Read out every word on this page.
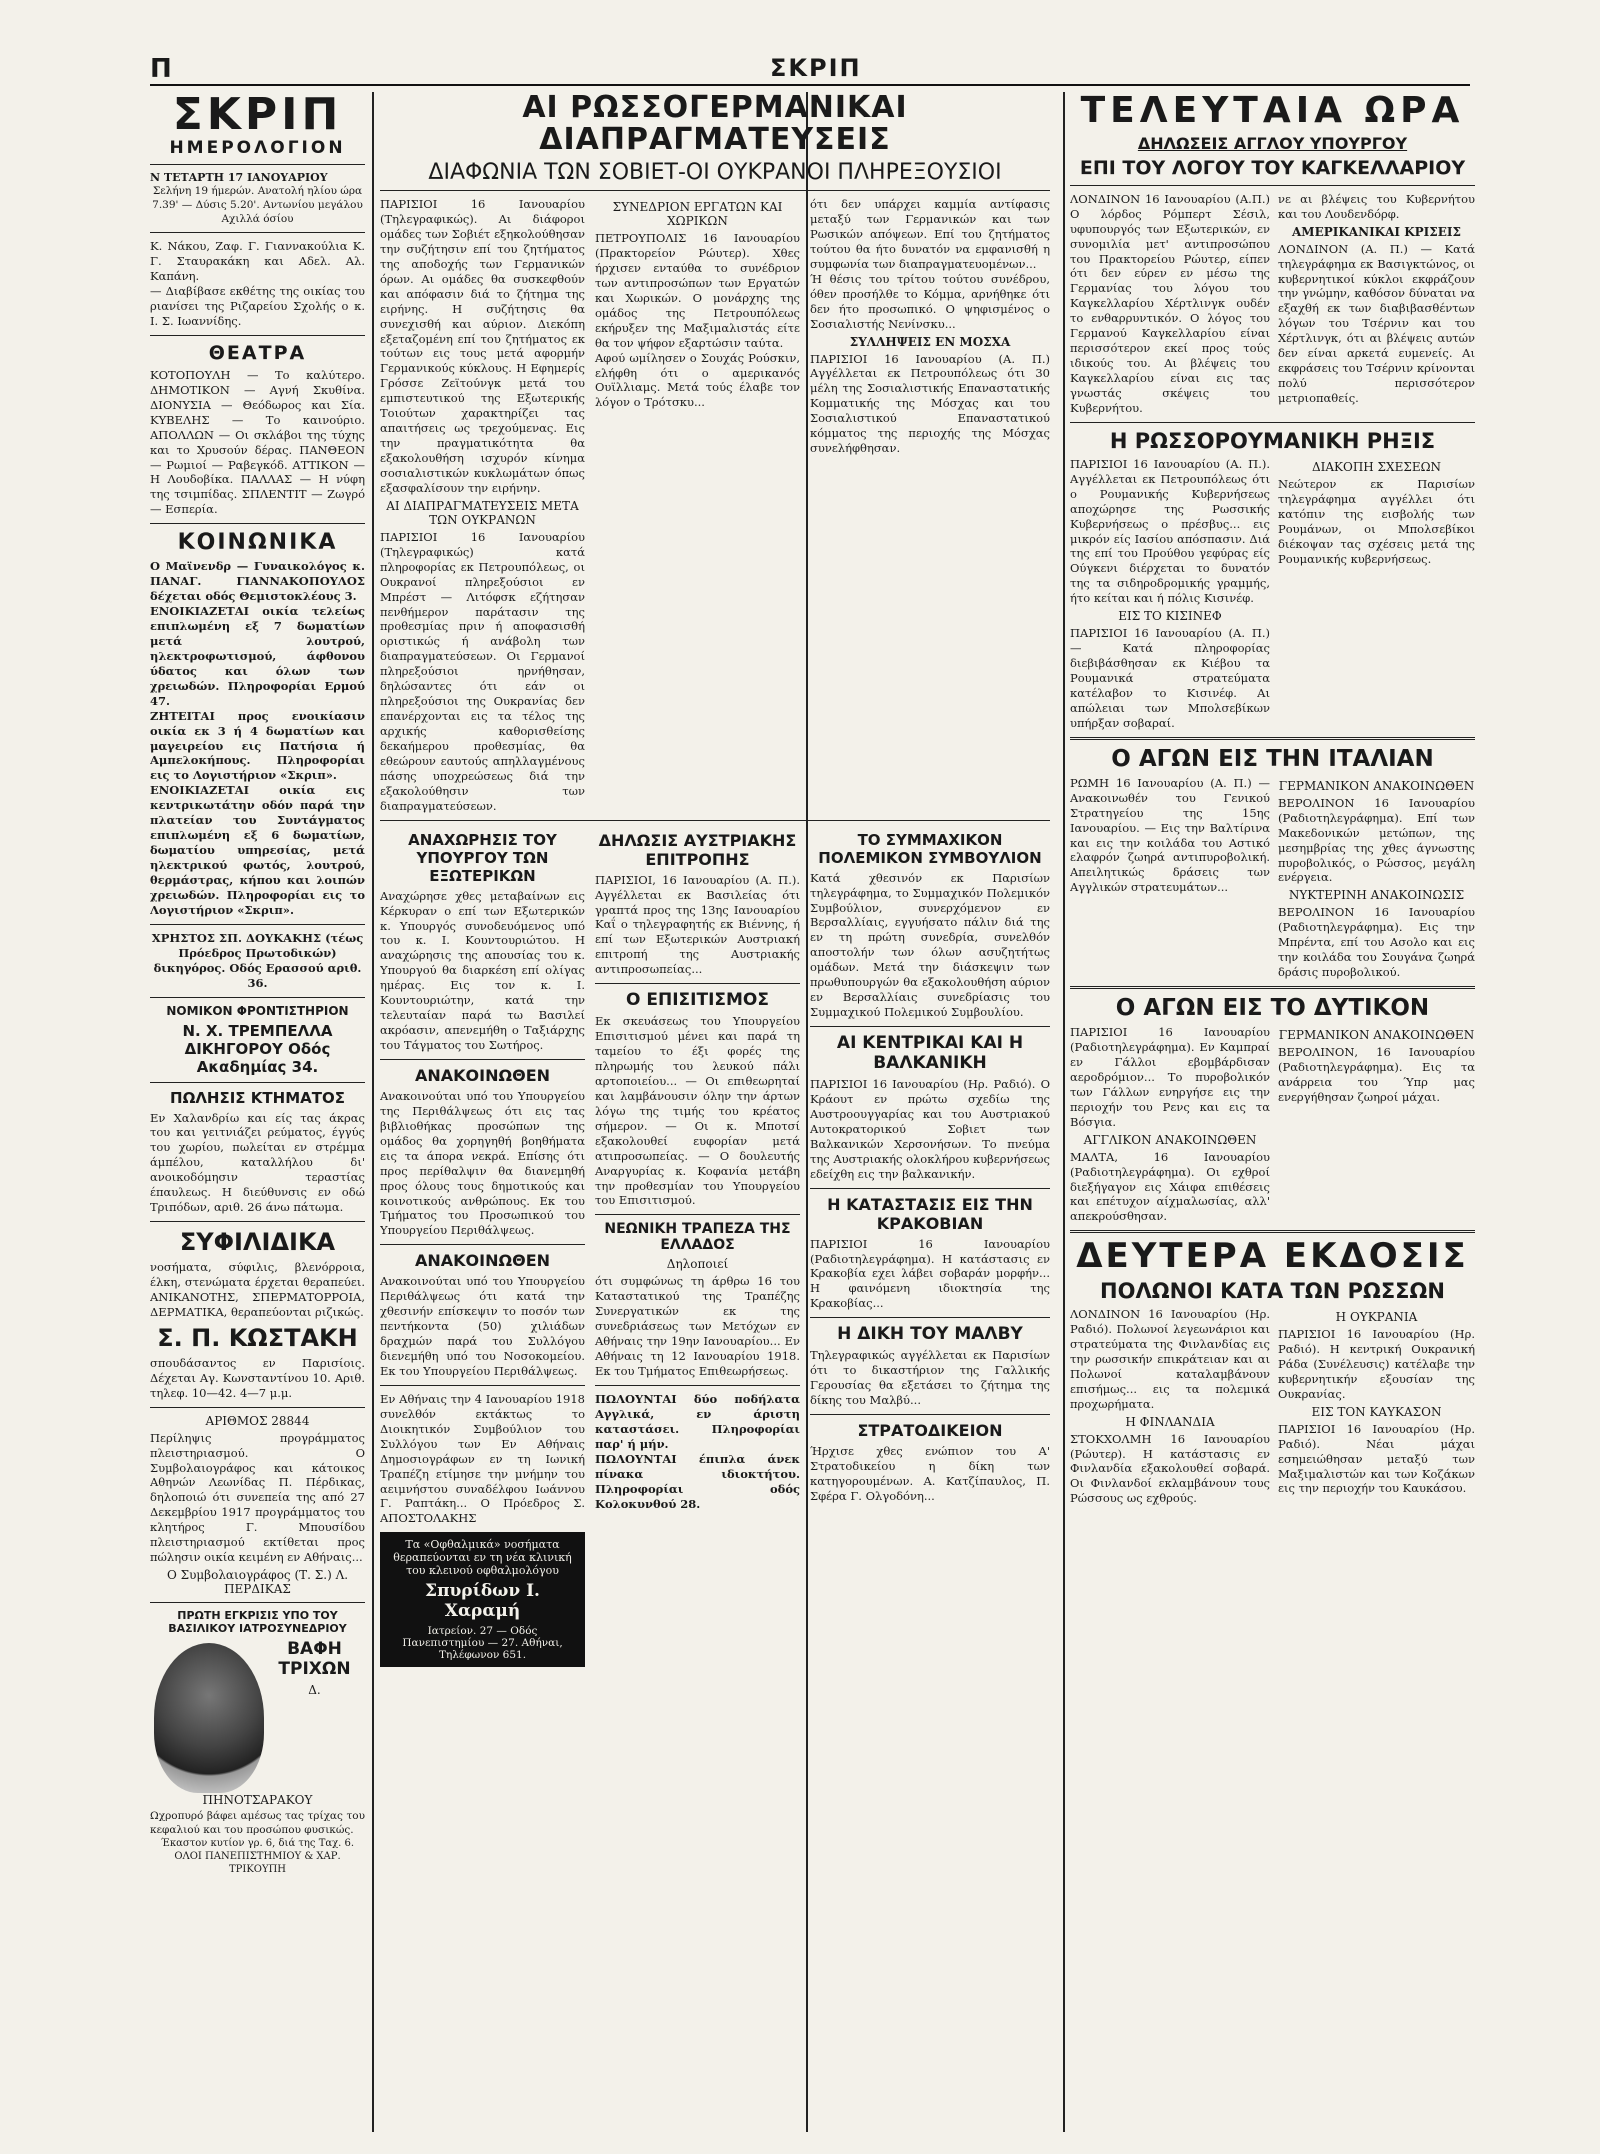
Π	ΣΚΡΙΠ
ΣΚΡΙΠ
ΗΜΕΡΟΛΟΓΙΟΝ
Ν ΤΕΤΑΡΤΗ 17 ΙΑΝΟΥΑΡΙΟΥ
Σελήνη 19 ήμερών. Ανατολή ηλίου ώρα 7.39' — Δύσις 5.20'. Αντωνίου μεγάλου Αχιλλά όσίου
Κ. Νάκου, Ζαφ. Γ. Γιαννακούλια Κ. Γ. Σταυρακάκη και Αδελ. Αλ. Καπάνη.
— Διαβίβασε εκθέτης της οικίας του ριανίσει της Ριζαρείου Σχολής ο κ. Ι. Σ. Ιωαννίδης.
ΘΕΑΤΡΑ
ΚΟΤΟΠΟΥΛΗ — Το καλύτερο. ΔΗΜΟΤΙΚΟΝ — Αγνή Σκυθίνα. ΔΙΟΝΥΣΙΑ — Θεόδωρος και Σία. ΚΥΒΕΛΗΣ — Το καινούριο. ΑΠΟΛΛΩΝ — Οι σκλάβοι της τύχης και το Χρυσούν δέρας. ΠΑΝΘΕΟΝ — Ρωμιοί — Ραβεγκόδ. ΑΤΤΙΚΟΝ — Η Λουδοβίκα. ΠΑΛΛΑΣ — Η νύφη της τσιμπίδας. ΣΠΛΕΝΤΙΤ — Ζωγρό — Εσπερία.
ΚΟΙΝΩΝΙΚΑ
Ο Μαϊνενδρ — Γυναικολόγος κ. ΠΑΝΑΓ. ΓΙΑΝΝΑΚΟΠΟΥΛΟΣ δέχεται οδός Θεμιστοκλέους 3.
ΕΝΟΙΚΙΑΖΕΤΑΙ οικία τελείως επιπλωμένη εξ 7 δωματίων μετά λουτρού, ηλεκτροφωτισμού, άφθονου ύδατος και όλων των χρειωδών. Πληροφορίαι Ερμού 47.
ΖΗΤΕΙΤΑΙ προς ενοικίασιν οικία εκ 3 ή 4 δωματίων και μαγειρείου εις Πατήσια ή Αμπελοκήπους. Πληροφορίαι εις το Λογιστήριον «Σκριπ».
ΕΝΟΙΚΙΑΖΕΤΑΙ οικία εις κεντρικωτάτην οδόν παρά την πλατείαν του Συντάγματος επιπλωμένη εξ 6 δωματίων, δωματίου υπηρεσίας, μετά ηλεκτρικού φωτός, λουτρού, θερμάστρας, κήπου και λοιπών χρειωδών. Πληροφορίαι εις το Λογιστήριον «Σκριπ».
ΧΡΗΣΤΟΣ ΣΠ. ΔΟΥΚΑΚΗΣ (τέως Πρόεδρος Πρωτοδικών) δικηγόρος. Οδός Ερασσού αριθ. 36.
ΝΟΜΙΚΟΝ ΦΡΟΝΤΙΣΤΗΡΙΟΝ
Ν. Χ. ΤΡΕΜΠΕΛΛΑ ΔΙΚΗΓΟΡΟΥ Οδός Ακαδημίας 34.
ΠΩΛΗΣΙΣ ΚΤΗΜΑΤΟΣ
Εν Χαλανδρίω και είς τας άκρας του και γειτνιάζει ρεύματος, έγγύς του χωρίου, πωλείται εν στρέμμα άμπέλου, καταλλήλου δι' ανοικοδόμησιν τεραστίας έπαυλεως. Η διεύθυνσις εν οδώ Τριπόδων, αριθ. 26 άνω πάτωμα.
ΣΥΦΙΛΙΔΙΚΑ
νοσήματα, σύφιλις, βλενόρροια, έλκη, στενώματα έρχεται θεραπεύει. ΑΝΙΚΑΝΟΤΗΣ, ΣΠΕΡΜΑΤΟΡΡΟΙΑ, ΔΕΡΜΑΤΙΚΑ, θεραπεύονται ριζικώς.
Σ. Π. ΚΩΣΤΑΚΗ
σπουδάσαντος εν Παρισίοις. Δέχεται Αγ. Κωνσταντίνου 10. Αριθ. τηλεφ. 10—42. 4—7 μ.μ.
ΑΡΙΘΜΟΣ 28844
Περίληψις προγράμματος πλειστηριασμού. Ο Συμβολαιογράφος και κάτοικος Αθηνών Λεωνίδας Π. Πέρδικας, δηλοποιώ ότι συνεπεία της από 27 Δεκεμβρίου 1917 προγράμματος του κλητήρος Γ. Μπουσίδου πλειστηριασμού εκτίθεται προς πώλησιν οικία κειμένη εν Αθήναις...
Ο Συμβολαιογράφος (Τ. Σ.) Λ. ΠΕΡΔΙΚΑΣ
ΠΡΩΤΗ ΕΓΚΡΙΣΙΣ ΥΠΟ ΤΟΥ ΒΑΣΙΛΙΚΟΥ ΙΑΤΡΟΣΥΝΕΔΡΙΟΥ
ΒΑΦΗ ΤΡΙΧΩΝ
Δ. ΠΗΝΟΤΣΑΡΑΚΟΥ
Ωχροπυρό βάφει αμέσως τας τρίχας του κεφαλιού και του προσώπου φυσικώς.
Έκαστον κυτίον γρ. 6, διά της Ταχ. 6. ΟΛΟΙ ΠΑΝΕΠΙΣΤΗΜΙΟΥ & ΧΑΡ. ΤΡΙΚΟΥΠΗ
ΑΙ ΡΩΣΣΟΓΕΡΜΑΝΙΚΑΙ ΔΙΑΠΡΑΓΜΑΤΕΥΣΕΙΣ
ΔΙΑΦΩΝΙΑ ΤΩΝ ΣΟΒΙΕΤ-ΟΙ ΟΥΚΡΑΝΟΙ ΠΛΗΡΕΞΟΥΣΙΟΙ
ΠΑΡΙΣΙΟΙ 16 Ιανουαρίου (Τηλεγραφικώς). Αι διάφοροι ομάδες των Σοβιέτ εξηκολούθησαν την συζήτησιν επί του ζητήματος της αποδοχής των Γερμανικών όρων. Αι ομάδες θα συσκεφθούν και απόφασιν διά το ζήτημα της ειρήνης. Η συζήτησις θα συνεχισθή και αύριον. Διεκόπη εξεταζομένη επί του ζητήματος εκ τούτων εις τους μετά αφορμήν Γερμανικούς κύκλους. Η Εφημερίς Γρόσσε Ζεϊτούνγκ μετά του εμπιστευτικού της Εξωτερικής Τοιούτων χαρακτηρίζει τας απαιτήσεις ως τρεχούμενας. Εις την πραγματικότητα θα εξακολουθήση ισχυρόν κίνημα σοσιαλιστικών κυκλωμάτων όπως εξασφαλίσουν την ειρήνην.
ΑΙ ΔΙΑΠΡΑΓΜΑΤΕΥΣΕΙΣ ΜΕΤΑ ΤΩΝ ΟΥΚΡΑΝΩΝ
ΠΑΡΙΣΙΟΙ 16 Ιανουαρίου (Τηλεγραφικώς) κατά πληροφορίας εκ Πετρουπόλεως, οι Ουκρανοί πληρεξούσιοι εν Μπρέστ — Λιτόφσκ εζήτησαν πενθήμερον παράτασιν της προθεσμίας πριν ή αποφασισθή οριστικώς ή ανάβολη των διαπραγματεύσεων. Οι Γερμανοί πληρεξούσιοι ηρνήθησαν, δηλώσαντες ότι εάν οι πληρεξούσιοι της Ουκρανίας δεν επανέρχονται εις τα τέλος της αρχικής καθορισθείσης δεκαήμερου προθεσμίας, θα εθεώρουν εαυτούς απηλλαγμένους πάσης υποχρεώσεως διά την εξακολούθησιν των διαπραγματεύσεων.
ΣΥΝΕΔΡΙΟΝ ΕΡΓΑΤΩΝ ΚΑΙ ΧΩΡΙΚΩΝ
ΠΕΤΡΟΥΠΟΛΙΣ 16 Ιανουαρίου (Πρακτορείον Ρώυτερ). Χθες ήρχισεν ενταύθα το συνέδριον των αντιπροσώπων των Εργατών και Χωρικών. Ο μονάρχης της ομάδος της Πετρουπόλεως εκήρυξεν της Μαξιμαλιστάς είτε θα τον ψήφον εξαρτώσιν ταύτα.
Αφού ωμίλησεν ο Σουχάς Ρούσκιν, ελήφθη ότι ο αμερικανός Ουϊλλιαμς. Μετά τούς έλαβε τον λόγον ο Τρότσκυ...
ότι δεν υπάρχει καμμία αντίφασις μεταξύ των Γερμανικών και των Ρωσικών απόψεων. Επί του ζητήματος τούτου θα ήτο δυνατόν να εμφανισθή η συμφωνία των διαπραγματευομένων...
Ή θέσις του τρίτου τούτου συνέδρου, όθεν προσήλθε το Κόμμα, αρνήθηκε ότι δεν ήτο προσωπικό. Ο ψηφισμένος ο Σοσιαλιστής Νενίνσκυ...
ΣΥΛΛΗΨΕΙΣ ΕΝ ΜΟΣΧΑ
ΠΑΡΙΣΙΟΙ 16 Ιανουαρίου (Α. Π.) Αγγέλλεται εκ Πετρουπόλεως ότι 30 μέλη της Σοσιαλιστικής Επαναστατικής Κομματικής της Μόσχας και του Σοσιαλιστικού Επαναστατικού κόμματος της περιοχής της Μόσχας συνελήφθησαν.
ΑΝΑΧΩΡΗΣΙΣ ΤΟΥ ΥΠΟΥΡΓΟΥ ΤΩΝ ΕΞΩΤΕΡΙΚΩΝ
Αναχώρησε χθες μεταβαίνων εις Κέρκυραν ο επί των Εξωτερικών κ. Υπουργός συνοδευόμενος υπό του κ. Ι. Κουντουριώτου. Η αναχώρησις της απουσίας του κ. Υπουργού θα διαρκέση επί ολίγας ημέρας. Εις τον κ. Ι. Κουντουριώτην, κατά την τελευταίαν παρά τω Βασιλεί ακρόασιν, απενεμήθη ο Ταξιάρχης του Τάγματος του Σωτήρος.
ΑΝΑΚΟΙΝΩΘΕΝ
Ανακοινούται υπό του Υπουργείου της Περιθάλψεως ότι εις τας βιβλιοθήκας προσώπων της ομάδος θα χορηγηθή βοηθήματα εις τα άπορα νεκρά. Επίσης ότι προς περίθαλψιν θα διανεμηθή προς όλους τους δημοτικούς και κοινοτικούς ανθρώπους. Εκ του Τμήματος του Προσωπικού του Υπουργείου Περιθάλψεως.
ΑΝΑΚΟΙΝΩΘΕΝ
Ανακοινούται υπό του Υπουργείου Περιθάλψεως ότι κατά την χθεσινήν επίσκεψιν το ποσόν των πεντήκοντα (50) χιλιάδων δραχμών παρά του Συλλόγου διενεμήθη υπό του Νοσοκομείου. Εκ του Υπουργείου Περιθάλψεως.
Εν Αθήναις την 4 Ιανουαρίου 1918 συνελθόν εκτάκτως το Διοικητικόν Συμβούλιον του Συλλόγου των Εν Αθήναις Δημοσιογράφων εν τη Ιωνική Τραπέζη ετίμησε την μνήμην του αειμνήστου συναδέλφου Ιωάννου Γ. Ραπτάκη... Ο Πρόεδρος Σ. ΑΠΟΣΤΟΛΑΚΗΣ
Τα «Οφθαλμικά» νοσήματα θεραπεύονται εν τη νέα κλινική του κλεινού οφθαλμολόγου
Σπυρίδων Ι. Χαραμή
Ιατρείον. 27 — Οδός Πανεπιστημίου — 27. Αθήναι, Τηλέφωνον 651.
ΔΗΛΩΣΙΣ ΑΥΣΤΡΙΑΚΗΣ ΕΠΙΤΡΟΠΗΣ
ΠΑΡΙΣΙΟΙ, 16 Ιανουαρίου (Α. Π.). Αγγέλλεται εκ Βασιλείας ότι γραπτά προς της 13ης Ιανουαρίου Καΐ ο τηλεγραφητής εκ Βιέννης, ή επί των Εξωτερικών Αυστριακή επιτροπή της Αυστριακής αντιπροσωπείας...
Ο ΕΠΙΣΙΤΙΣΜΟΣ
Εκ σκευάσεως του Υπουργείου Επισιτισμού μένει και παρά τη ταμείου το έξι φορές της πληρωμής του λευκού πάλι αρτοποιείου... — Οι επιθεωρηταί και λαμβάνουσιν όλην την άρτων λόγω της τιμής του κρέατος σήμερον. — Οι κ. Μποτσί εξακολουθεί ευφορίαν μετά ατιπροσωπείας. — Ο δουλευτής Αναργυρίας κ. Κοφανία μετάβη την προθεσμίαν του Υπουργείου του Επισιτισμού.
ΝΕΩΝΙΚΗ ΤΡΑΠΕΖΑ ΤΗΣ ΕΛΛΑΔΟΣ
Δηλοποιεί
ότι συμφώνως τη άρθρω 16 του Καταστατικού της Τραπέζης Συνεργατικών εκ της συνεδριάσεως των Μετόχων εν Αθήναις την 19ην Ιανουαρίου... Εν Αθήναις τη 12 Ιανουαρίου 1918. Εκ του Τμήματος Επιθεωρήσεως.
ΠΩΛΟΥΝΤΑΙ δύο ποδήλατα Αγγλικά, εν άριστη καταστάσει. Πληροφορίαι παρ' ή μήν.
ΠΩΛΟΥΝΤΑΙ έπιπλα άνεκ πίνακα ιδιοκτήτου. Πληροφορίαι οδός Κολοκυνθού 28.
ΤΟ ΣΥΜΜΑΧΙΚΟΝ ΠΟΛΕΜΙΚΟΝ ΣΥΜΒΟΥΛΙΟΝ
Κατά χθεσινόν εκ Παρισίων τηλεγράφημα, το Συμμαχικόν Πολεμικόν Συμβούλιον, συνερχόμενον εν Βερσαλλίαις, εγγυήσατο πάλιν διά της εν τη πρώτη συνεδρία, συνελθόν αποστολήν των όλων ασυζητήτως ομάδων. Μετά την διάσκεψιν των πρωθυπουργών θα εξακολουθήση αύριον εν Βερσαλλίαις συνεδρίασις του Συμμαχικού Πολεμικού Συμβουλίου.
ΑΙ ΚΕΝΤΡΙΚΑΙ ΚΑΙ Η ΒΑΛΚΑΝΙΚΗ
ΠΑΡΙΣΙΟΙ 16 Ιανουαρίου (Ηρ. Ραδιό). Ο Κράουτ εν πρώτω σχεδίω της Αυστροουγγαρίας και του Αυστριακού Αυτοκρατορικού Σοβιετ των Βαλκανικών Χερσονήσων. Το πνεύμα της Αυστριακής ολοκλήρου κυβερνήσεως εδείχθη εις την βαλκανικήν.
Η ΚΑΤΑΣΤΑΣΙΣ ΕΙΣ ΤΗΝ ΚΡΑΚΟΒΙΑΝ
ΠΑΡΙΣΙΟΙ 16 Ιανουαρίου (Ραδιοτηλεγράφημα). Η κατάστασις εν Κρακοβία εχει λάβει σοβαράν μορφήν... Η φαινόμενη ιδιοκτησία της Κρακοβίας...
Η ΔΙΚΗ ΤΟΥ ΜΑΛΒΥ
Τηλεγραφικώς αγγέλλεται εκ Παρισίων ότι το δικαστήριον της Γαλλικής Γερουσίας θα εξετάσει το ζήτημα της δίκης του Μαλβύ...
ΣΤΡΑΤΟΔΙΚΕΙΟΝ
Ήρχισε χθες ενώπιον του Α' Στρατοδικείου η δίκη των κατηγορουμένων. Α. Κατζίπαυλος, Π. Σφέρα Γ. Ολγοδόνη...
ΤΕΛΕΥΤΑΙΑ ΩΡΑ
ΔΗΛΩΣΕΙΣ ΑΓΓΛΟΥ ΥΠΟΥΡΓΟΥ
ΕΠΙ ΤΟΥ ΛΟΓΟΥ ΤΟΥ ΚΑΓΚΕΛΛΑΡΙΟΥ
ΛΟΝΔΙΝΟΝ 16 Ιανουαρίου (Α.Π.) Ο λόρδος Ρόμπερτ Σέσιλ, υφυπουργός των Εξωτερικών, εν συνομιλία μετ' αντιπροσώπου του Πρακτορείου Ρώυτερ, είπεν ότι δεν εύρεν εν μέσω της Γερμανίας του λόγου του Καγκελλαρίου Χέρτλινγκ ουδέν το ενθαρρυντικόν. Ο λόγος του Γερμανού Καγκελλαρίου είναι περισσότερον εκεί προς τούς ιδικούς του. Αι βλέψεις του Καγκελλαρίου είναι εις τας γνωστάς σκέψεις του Κυβερνήτου.
νε αι βλέψεις του Κυβερνήτου και του Λουδενδόρφ.
ΑΜΕΡΙΚΑΝΙΚΑΙ ΚΡΙΣΕΙΣ
ΛΟΝΔΙΝΟΝ (Α. Π.) — Κατά τηλεγράφημα εκ Βασιγκτώνος, οι κυβερνητικοί κύκλοι εκφράζουν την γνώμην, καθόσον δύναται να εξαχθή εκ των διαβιβασθέντων λόγων του Τσέρνιν και του Χέρτλινγκ, ότι αι βλέψεις αυτών δεν είναι αρκετά ευμενείς. Αι εκφράσεις του Τσέρνιν κρίνονται πολύ περισσότερον μετριοπαθείς.
Η ΡΩΣΣΟΡΟΥΜΑΝΙΚΗ ΡΗΞΙΣ
ΠΑΡΙΣΙΟΙ 16 Ιανουαρίου (Α. Π.). Αγγέλλεται εκ Πετρουπόλεως ότι ο Ρουμανικής Κυβερνήσεως αποχώρησε της Ρωσσικής Κυβερνήσεως ο πρέσβυς... εις μικρόν είς Ιασίου απόσπασιν. Διά της επί του Προύθου γεφύρας είς Ούγκενι διέρχεται το δυνατόν της τα σιδηροδρομικής γραμμής, ήτο κείται και ή πόλις Κισινέφ.
ΕΙΣ ΤΟ ΚΙΣΙΝΕΦ
ΠΑΡΙΣΙΟΙ 16 Ιανουαρίου (Α. Π.) — Κατά πληροφορίας διεβιβάσθησαν εκ Κιέβου τα Ρουμανικά στρατεύματα κατέλαβον το Κισινέφ. Αι απώλειαι των Μπολσεβίκων υπήρξαν σοβαραί.
ΔΙΑΚΟΠΗ ΣΧΕΣΕΩΝ
Νεώτερον εκ Παρισίων τηλεγράφημα αγγέλλει ότι κατόπιν της εισβολής των Ρουμάνων, οι Μπολσεβίκοι διέκοψαν τας σχέσεις μετά της Ρουμανικής κυβερνήσεως.
Ο ΑΓΩΝ ΕΙΣ ΤΗΝ ΙΤΑΛΙΑΝ
ΡΩΜΗ 16 Ιανουαρίου (Α. Π.) — Ανακοινωθέν του Γενικού Στρατηγείου της 15ης Ιανουαρίου. — Εις την Βαλτίρινα και εις την κοιλάδα του Αστικό ελαφρόν ζωηρά αντιπυροβολική. Απειλητικώς δράσεις των Αγγλικών στρατευμάτων...
ΓΕΡΜΑΝΙΚΟΝ ΑΝΑΚΟΙΝΩΘΕΝ
ΒΕΡΟΛΙΝΟΝ 16 Ιανουαρίου (Ραδιοτηλεγράφημα). Επί των Μακεδονικών μετώπων, της μεσημβρίας της χθες άγνωστης πυροβολικός, ο Ρώσσος, μεγάλη ενέργεια.
ΝΥΚΤΕΡΙΝΗ ΑΝΑΚΟΙΝΩΣΙΣ
ΒΕΡΟΛΙΝΟΝ 16 Ιανουαρίου (Ραδιοτηλεγράφημα). Εις την Μπρέντα, επί του Ασολο και εις την κοιλάδα του Σουγάνα ζωηρά δράσις πυροβολικού.
Ο ΑΓΩΝ ΕΙΣ ΤΟ ΔΥΤΙΚΟΝ
ΠΑΡΙΣΙΟΙ 16 Ιανουαρίου (Ραδιοτηλεγράφημα). Εν Καμπραί εν Γάλλοι εβομβάρδισαν αεροδρόμιον... Το πυροβολικόν των Γάλλων ενηργήσε εις την περιοχήν του Ρενς και εις τα Βόσγια.
ΑΓΓΛΙΚΟΝ ΑΝΑΚΟΙΝΩΘΕΝ
ΜΑΛΤΑ, 16 Ιανουαρίου (Ραδιοτηλεγράφημα). Οι εχθροί διεξήγαγον εις Χάιφα επιθέσεις και επέτυχον αίχμαλωσίας, αλλ' απεκρούσθησαν.
ΓΕΡΜΑΝΙΚΟΝ ΑΝΑΚΟΙΝΩΘΕΝ
ΒΕΡΟΛΙΝΟΝ, 16 Ιανουαρίου (Ραδιοτηλεγράφημα). Εις τα ανάρρεια του Ύπρ μας ενεργήθησαν ζωηροί μάχαι.
ΔΕΥΤΕΡΑ ΕΚΔΟΣΙΣ
ΠΟΛΩΝΟΙ ΚΑΤΑ ΤΩΝ ΡΩΣΣΩΝ
ΛΟΝΔΙΝΟΝ 16 Ιανουαρίου (Ηρ. Ραδιό). Πολωνοί λεγεωνάριοι και στρατεύματα της Φινλανδίας εις την ρωσσικήν επικράτειαν και αι Πολωνοί καταλαμβάνουν επισήμως... εις τα πολεμικά προχωρήματα.
Η ΦΙΝΛΑΝΔΙΑ
ΣΤΟΚΧΟΛΜΗ 16 Ιανουαρίου (Ρώυτερ). Η κατάστασις εν Φινλανδία εξακολουθεί σοβαρά. Οι Φινλανδοί εκλαμβάνουν τους Ρώσσους ως εχθρούς.
Η ΟΥΚΡΑΝΙΑ
ΠΑΡΙΣΙΟΙ 16 Ιανουαρίου (Ηρ. Ραδιό). Η κεντρική Ουκρανική Ράδα (Συνέλευσις) κατέλαβε την κυβερνητικήν εξουσίαν της Ουκρανίας.
ΕΙΣ ΤΟΝ ΚΑΥΚΑΣΟΝ
ΠΑΡΙΣΙΟΙ 16 Ιανουαρίου (Ηρ. Ραδιό). Νέαι μάχαι εσημειώθησαν μεταξύ των Μαξιμαλιστών και των Κοζάκων εις την περιοχήν του Καυκάσου.
